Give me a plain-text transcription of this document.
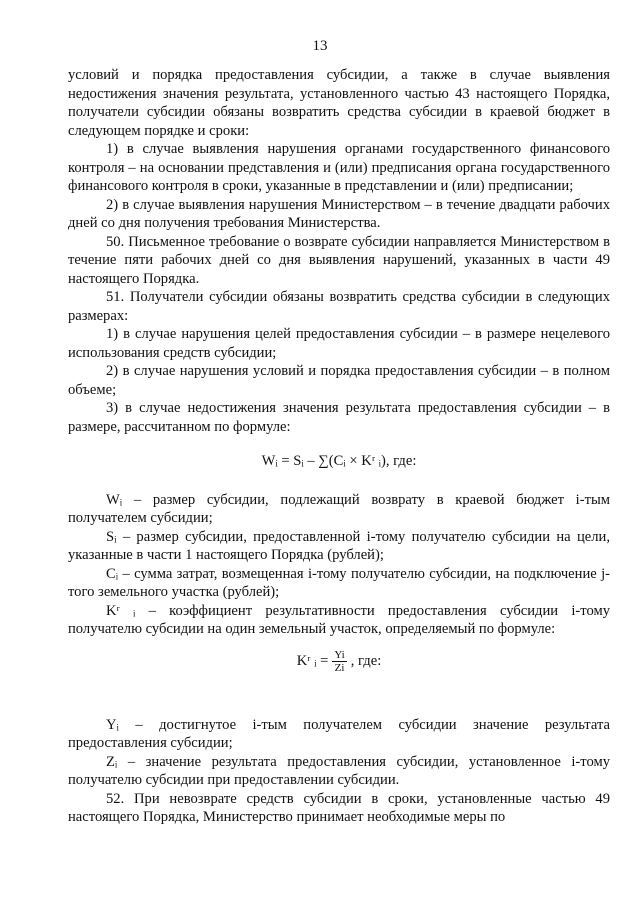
13

условий и порядка предоставления субсидии, а также в случае выявления недостижения значения результата, установленного частью 43 настоящего Порядка, получатели субсидии обязаны возвратить средства субсидии в краевой бюджет в следующем порядке и сроки:

1) в случае выявления нарушения органами государственного финансового контроля – на основании представления и (или) предписания органа государственного финансового контроля в сроки, указанные в представлении и (или) предписании;

2) в случае выявления нарушения Министерством – в течение двадцати рабочих дней со дня получения требования Министерства.

50. Письменное требование о возврате субсидии направляется Министерством в течение пяти рабочих дней со дня выявления нарушений, указанных в части 49 настоящего Порядка.

51. Получатели субсидии обязаны возвратить средства субсидии в следующих размерах:

1) в случае нарушения целей предоставления субсидии – в размере нецелевого использования средств субсидии;

2) в случае нарушения условий и порядка предоставления субсидии – в полном объеме;

3) в случае недостижения значения результата предоставления субсидии – в размере, рассчитанном по формуле:

Wᵢ = Sᵢ – ∑(Cᵢ × Kʳ ᵢ), где:

Wᵢ – размер субсидии, подлежащий возврату в краевой бюджет i-тым получателем субсидии;

Sᵢ – размер субсидии, предоставленной i-тому получателю субсидии на цели, указанные в части 1 настоящего Порядка (рублей);

Cᵢ – сумма затрат, возмещенная i-тому получателю субсидии, на подключение j-того земельного участка (рублей);

Kʳ ᵢ – коэффициент результативности предоставления субсидии i-тому получателю субсидии на один земельный участок, определяемый по формуле:

Kʳ ᵢ = $\frac{Yi}{Zi}$ , где:

Yᵢ – достигнутое i-тым получателем субсидии значение результата предоставления субсидии;

Zᵢ – значение результата предоставления субсидии, установленное i-тому получателю субсидии при предоставлении субсидии.

52. При невозврате средств субсидии в сроки, установленные частью 49 настоящего Порядка, Министерство принимает необходимые меры по
